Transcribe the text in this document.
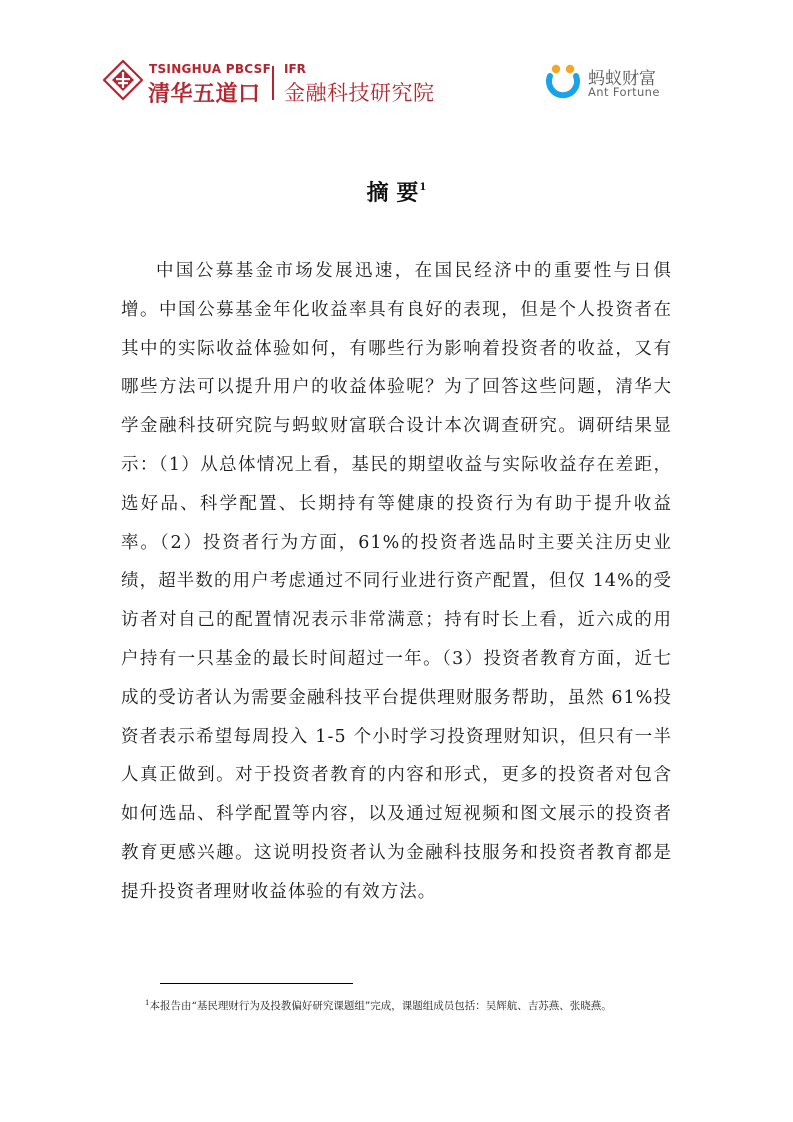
TSINGHUA PBCSF
清华五道口
IFR
金融科技研究院
蚂蚁财富
Ant Fortune
摘 要$^1$

中国公募基金市场发展迅速，在国民经济中的重要性与日俱增。中国公募基金年化收益率具有良好的表现，但是个人投资者在其中的实际收益体验如何，有哪些行为影响着投资者的收益，又有哪些方法可以提升用户的收益体验呢？为了回答这些问题，清华大学金融科技研究院与蚂蚁财富联合设计本次调查研究。调研结果显示：（1）从总体情况上看，基民的期望收益与实际收益存在差距，选好品、科学配置、长期持有等健康的投资行为有助于提升收益率。（2）投资者行为方面，61%的投资者选品时主要关注历史业绩，超半数的用户考虑通过不同行业进行资产配置，但仅 14%的受访者对自己的配置情况表示非常满意；持有时长上看，近六成的用户持有一只基金的最长时间超过一年。（3）投资者教育方面，近七成的受访者认为需要金融科技平台提供理财服务帮助，虽然 61%投资者表示希望每周投入 1-5 个小时学习投资理财知识，但只有一半人真正做到。对于投资者教育的内容和形式，更多的投资者对包含如何选品、科学配置等内容，以及通过短视频和图文展示的投资者教育更感兴趣。这说明投资者认为金融科技服务和投资者教育都是提升投资者理财收益体验的有效方法。

$^1$本报告由“基民理财行为及投教偏好研究课题组”完成，课题组成员包括：吴辉航、吉苏燕、张晓燕。
